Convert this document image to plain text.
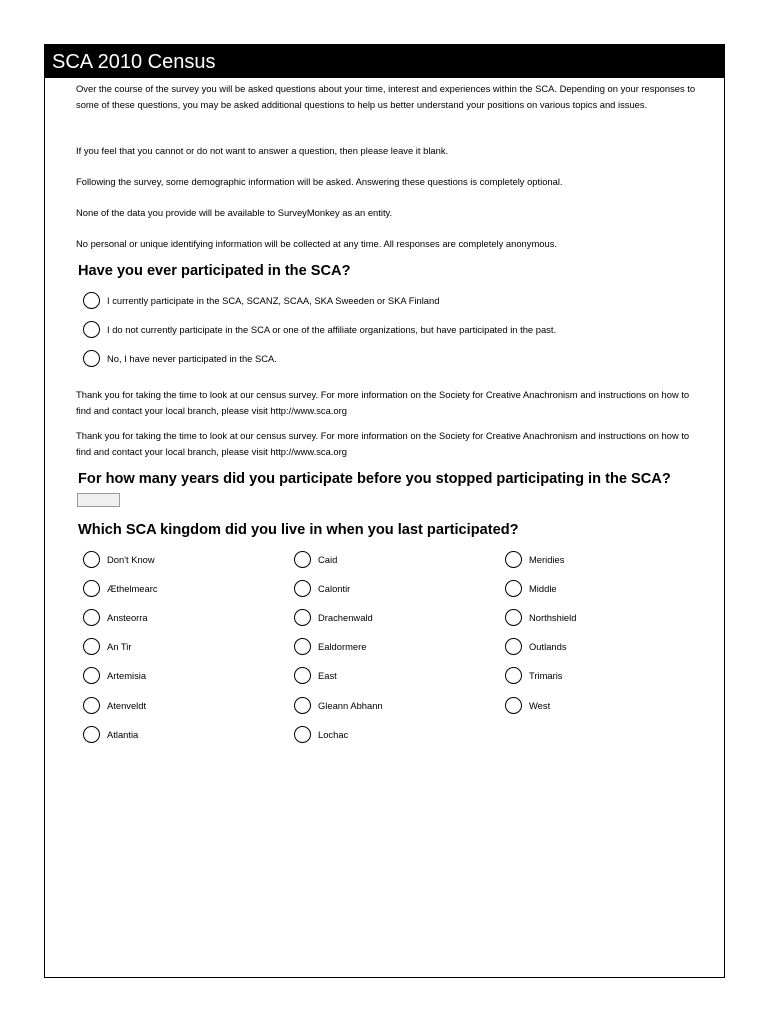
SCA 2010 Census

Over the course of the survey you will be asked questions about your time, interest and experiences within the SCA. Depending on your responses to some of these questions, you may be asked additional questions to help us better understand your positions on various topics and issues.

If you feel that you cannot or do not want to answer a question, then please leave it blank.

Following the survey, some demographic information will be asked. Answering these questions is completely optional.

None of the data you provide will be available to SurveyMonkey as an entity.

No personal or unique identifying information will be collected at any time. All responses are completely anonymous.

Have you ever participated in the SCA?
I currently participate in the SCA, SCANZ, SCAA, SKA Sweeden or SKA Finland
I do not currently participate in the SCA or one of the affiliate organizations, but have participated in the past.
No, I have never participated in the SCA.

Thank you for taking the time to look at our census survey. For more information on the Society for Creative Anachronism and instructions on how to find and contact your local branch, please visit http://www.sca.org

Thank you for taking the time to look at our census survey. For more information on the Society for Creative Anachronism and instructions on how to find and contact your local branch, please visit http://www.sca.org

For how many years did you participate before you stopped participating in the SCA?
Which SCA kingdom did you live in when you last participated?
Don't Know
Æthelmearc
Ansteorra
An Tir
Artemisia
Atenveldt
Atlantia
Caid
Calontir
Drachenwald
Ealdormere
East
Gleann Abhann
Lochac
Meridies
Middle
Northshield
Outlands
Trimaris
West
